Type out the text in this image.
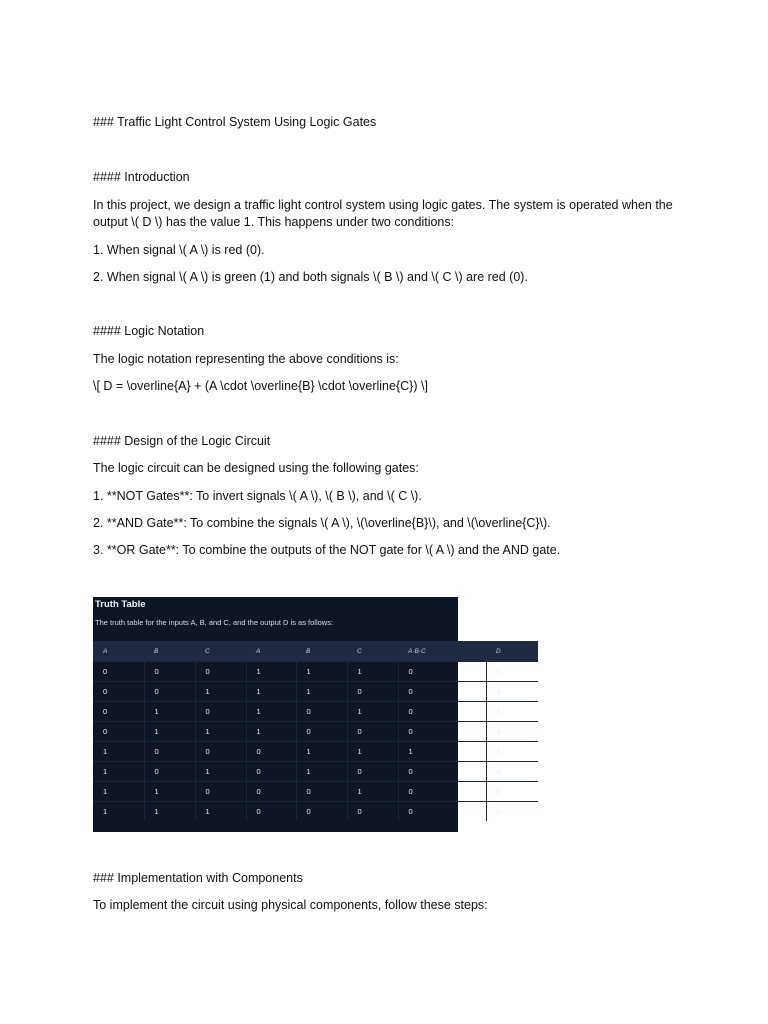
### Traffic Light Control System Using Logic Gates
#### Introduction
In this project, we design a traffic light control system using logic gates. The system is operated when the output \( D \) has the value 1. This happens under two conditions:
1. When signal \( A \) is red (0).
2. When signal \( A \) is green (1) and both signals \( B \) and \( C \) are red (0).
#### Logic Notation
The logic notation representing the above conditions is:
\[ D = \overline{A} + (A \cdot \overline{B} \cdot \overline{C}) \]
#### Design of the Logic Circuit
The logic circuit can be designed using the following gates:
1. **NOT Gates**: To invert signals \( A \), \( B \), and \( C \).
2. **AND Gate**: To combine the signals \( A \), \(\overline{B}\), and \(\overline{C}\).
3. **OR Gate**: To combine the outputs of the NOT gate for \( A \) and the AND gate.
Truth Table
The truth table for the inputs A, B, and C, and the output D is as follows:
A	B	C	A	B	C	A·B·C	D
0	0	0	1	1	1	0	1
0	0	1	1	1	0	0	1
0	1	0	1	0	1	0	1
0	1	1	1	0	0	0	1
1	0	0	0	1	1	1	1
1	0	1	0	1	0	0	0
1	1	0	0	0	1	0	0
1	1	1	0	0	0	0	0
### Implementation with Components
To implement the circuit using physical components, follow these steps:
